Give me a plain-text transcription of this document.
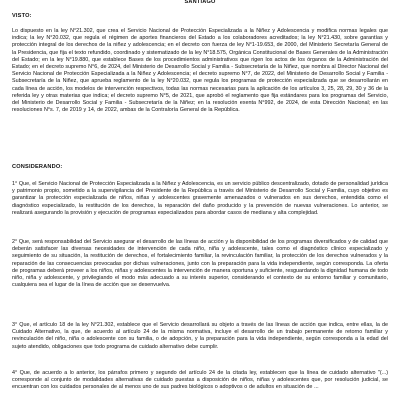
SANTIAGO
VISTO:

Lo dispuesto en la ley N°21.302, que crea el Servicio Nacional de Protección Especializada a la Niñez y Adolescencia y modifica normas legales que indica; la ley N°20.032, que regula el régimen de aportes financieros del Estado a los colaboradores acreditados; la ley N°21.430, sobre garantías y protección integral de los derechos de la niñez y adolescencia; en el decreto con fuerza de ley N°1-19.653, de 2000, del Ministerio Secretaría General de la Presidencia, que fija el texto refundido, coordinado y sistematizado de la ley N°18.575, Orgánica Constitucional de Bases Generales de la Administración del Estado; en la ley N°19.880, que establece Bases de los procedimientos administrativos que rigen los actos de los órganos de la Administración del Estado; en el decreto supremo N°6, de 2024, del Ministerio de Desarrollo Social y Familia - Subsecretaría de la Niñez, que nombra al Director Nacional del Servicio Nacional de Protección Especializada a la Niñez y Adolescencia; el decreto supremo N°7, de 2022, del Ministerio de Desarrollo Social y Familia - Subsecretaría de la Niñez, que aprueba reglamento de la ley N°20.032, que regula los programas de protección especializada que se desarrollarán en cada línea de acción, los modelos de intervención respectivos, todas las normas necesarias para la aplicación de los artículos 3, 25, 28, 29, 30 y 36 de la referida ley y otras materias que indica; el decreto supremo N°5, de 2021, que aprobó el reglamento que fija estándares para los programas del Servicio, del Ministerio de Desarrollo Social y Familia - Subsecretaría de la Niñez; en la resolución exenta N°992, de 2024, de esta Dirección Nacional; en las resoluciones N°s. 7, de 2019 y 14, de 2022, ambas de la Contraloría General de la República.

CONSIDERANDO:

1° Que, el Servicio Nacional de Protección Especializada a la Niñez y Adolescencia, es un servicio público descentralizado, dotado de personalidad jurídica y patrimonio propio, sometido a la supervigilancia del Presidente de la República a través del Ministerio de Desarrollo Social y Familia, cuyo objetivo es garantizar la protección especializada de niños, niñas y adolescentes gravemente amenazados o vulnerados en sus derechos, entendida como el diagnóstico especializado, la restitución de los derechos, la reparación del daño producido y la prevención de nuevas vulneraciones. Lo anterior, se realizará asegurando la provisión y ejecución de programas especializados para abordar casos de mediana y alta complejidad.

2° Que, será responsabilidad del Servicio asegurar el desarrollo de las líneas de acción y la disponibilidad de los programas diversificados y de calidad que deberán satisfacer las diversas necesidades de intervención de cada niño, niña y adolescente, tales como el diagnóstico clínico especializado y seguimiento de su situación, la restitución de derechos, el fortalecimiento familiar, la revinculación familiar, la protección de los derechos vulnerados y la reparación de las consecuencias provocadas por dichas vulneraciones, junto con la preparación para la vida independiente, según corresponda. La oferta de programas deberá proveer a los niños, niñas y adolescentes la intervención de manera oportuna y suficiente, resguardando la dignidad humana de todo niño, niña y adolescente, y privilegiando el modo más adecuado a su interés superior, considerando el contexto de su entorno familiar y comunitario, cualquiera sea el lugar de la línea de acción que se desenvuelva.

3° Que, el artículo 18 de la ley N°21.302, establece que el Servicio desarrollará su objeto a través de las líneas de acción que indica, entre ellas, la de Cuidado Alternativo, la que, de acuerdo al artículo 24 de la misma normativa, incluye el desarrollo de un trabajo permanente de retorno familiar y revinculación del niño, niña o adolescente con su familia, o de adopción, y la preparación para la vida independiente, según corresponda a la edad del sujeto atendido, obligaciones que todo programa de cuidado alternativo debe cumplir.

4° Que, de acuerdo a lo anterior, los párrafos primero y segundo del artículo 24 de la citada ley, establecen que la línea de cuidado alternativo "(...) corresponde al conjunto de modalidades alternativas de cuidado puestas a disposición de niños, niñas y adolescentes que, por resolución judicial, se encuentran con los cuidados personales de al menos uno de sus padres biológicos o adoptivos o de adultos en situación de ...
